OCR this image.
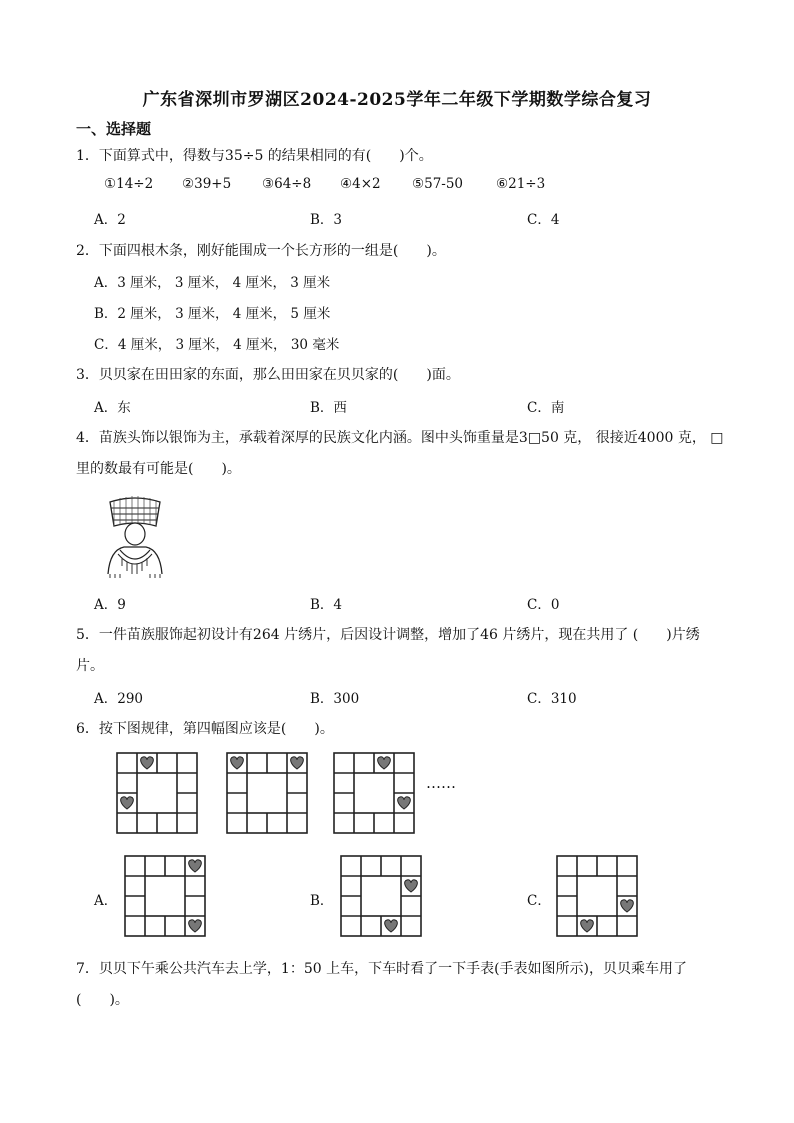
广东省深圳市罗湖区2024-2025学年二年级下学期数学综合复习
一、选择题
1．下面算式中，得数与35÷5 的结果相同的有(　　)个。
①14÷2 ②39+5 ③64÷8 ④4×2 ⑤57-50 ⑥21÷3
A．2	B．3	C．4
2．下面四根木条，刚好能围成一个长方形的一组是(　　)。
A．3 厘米， 3 厘米， 4 厘米， 3 厘米
B．2 厘米， 3 厘米， 4 厘米， 5 厘米
C．4 厘米， 3 厘米， 4 厘米， 30 毫米
3．贝贝家在田田家的东面，那么田田家在贝贝家的(　　)面。
A．东	B．西	C．南
4．苗族头饰以银饰为主，承载着深厚的民族文化内涵。图中头饰重量是3□50 克， 很接近4000 克， □
里的数最有可能是(　　)。
A．9	B．4	C．0
5．一件苗族服饰起初设计有264 片绣片，后因设计调整，增加了46 片绣片，现在共用了 (　　)片绣
片。
A．290	B．300	C．310
6．按下图规律，第四幅图应该是(　　)。
……
A．	B．	C．
7．贝贝下午乘公共汽车去上学，1：50 上车，下车时看了一下手表(手表如图所示)，贝贝乘车用了
(　　)。
